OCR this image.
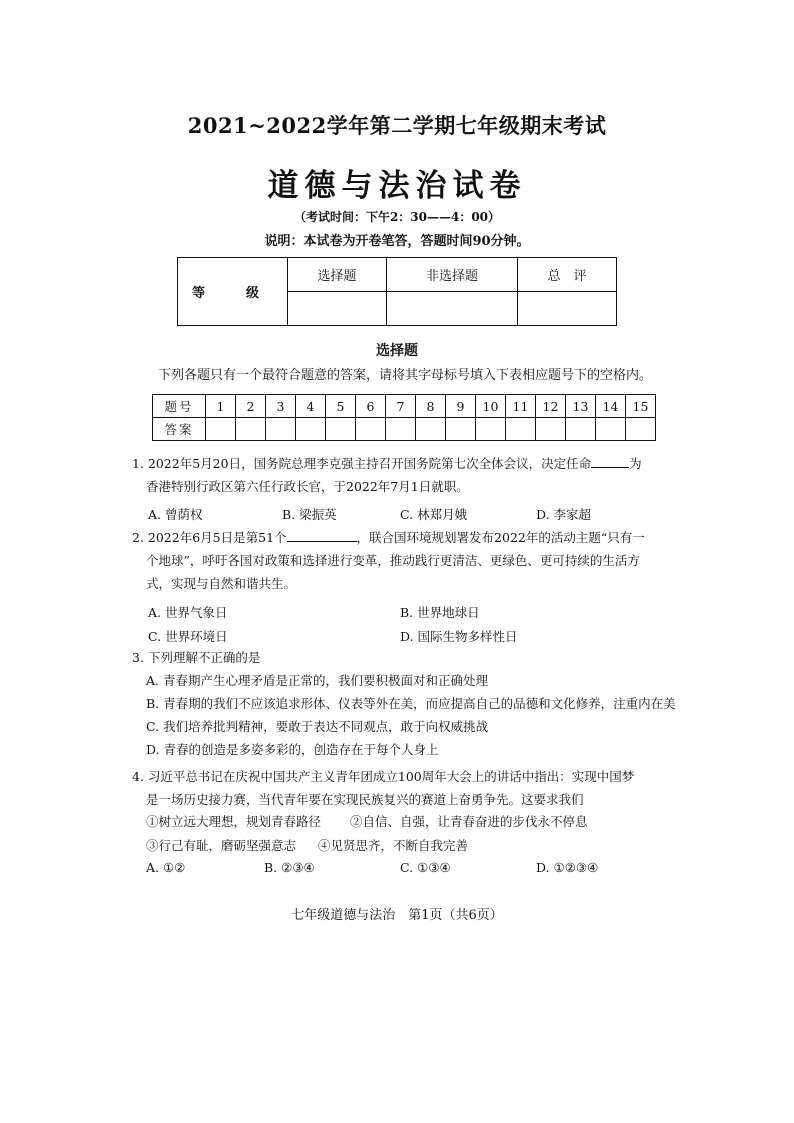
2021~2022学年第二学期七年级期末考试
道德与法治试卷
（考试时间：下午2：30——4：00）
说明：本试卷为开卷笔答，答题时间90分钟。
等　级	选择题	非选择题	总　评

选择题
下列各题只有一个最符合题意的答案，请将其字母标号填入下表相应题号下的空格内。
题号	1	2	3	4	5	6	7	8	9	10	11	12	13	14	15
答案															
1. 2022年5月20日，国务院总理李克强主持召开国务院第七次全体会议，决定任命	为
香港特别行政区第六任行政长官，于2022年7月1日就职。
A. 曾荫权	B. 梁振英	C. 林郑月娥	D. 李家超
2. 2022年6月5日是第51个	，联合国环境规划署发布2022年的活动主题“只有一
个地球”，呼吁各国对政策和选择进行变革，推动践行更清洁、更绿色、更可持续的生活方
式，实现与自然和谐共生。
A. 世界气象日	B. 世界地球日
C. 世界环境日	D. 国际生物多样性日
3. 下列理解不正确的是
A. 青春期产生心理矛盾是正常的，我们要积极面对和正确处理
B. 青春期的我们不应该追求形体、仪表等外在美，而应提高自己的品德和文化修养，注重内在美
C. 我们培养批判精神，要敢于表达不同观点，敢于向权威挑战
D. 青春的创造是多姿多彩的，创造存在于每个人身上
4. 习近平总书记在庆祝中国共产主义青年团成立100周年大会上的讲话中指出：实现中国梦
是一场历史接力赛，当代青年要在实现民族复兴的赛道上奋勇争先。这要求我们
①树立远大理想，规划青春路径 ②自信、自强，让青春奋进的步伐永不停息
③行己有耻，磨砺坚强意志 ④见贤思齐，不断自我完善
A. ①②	B. ②③④	C. ①③④	D. ①②③④
七年级道德与法治　第1页（共6页）
